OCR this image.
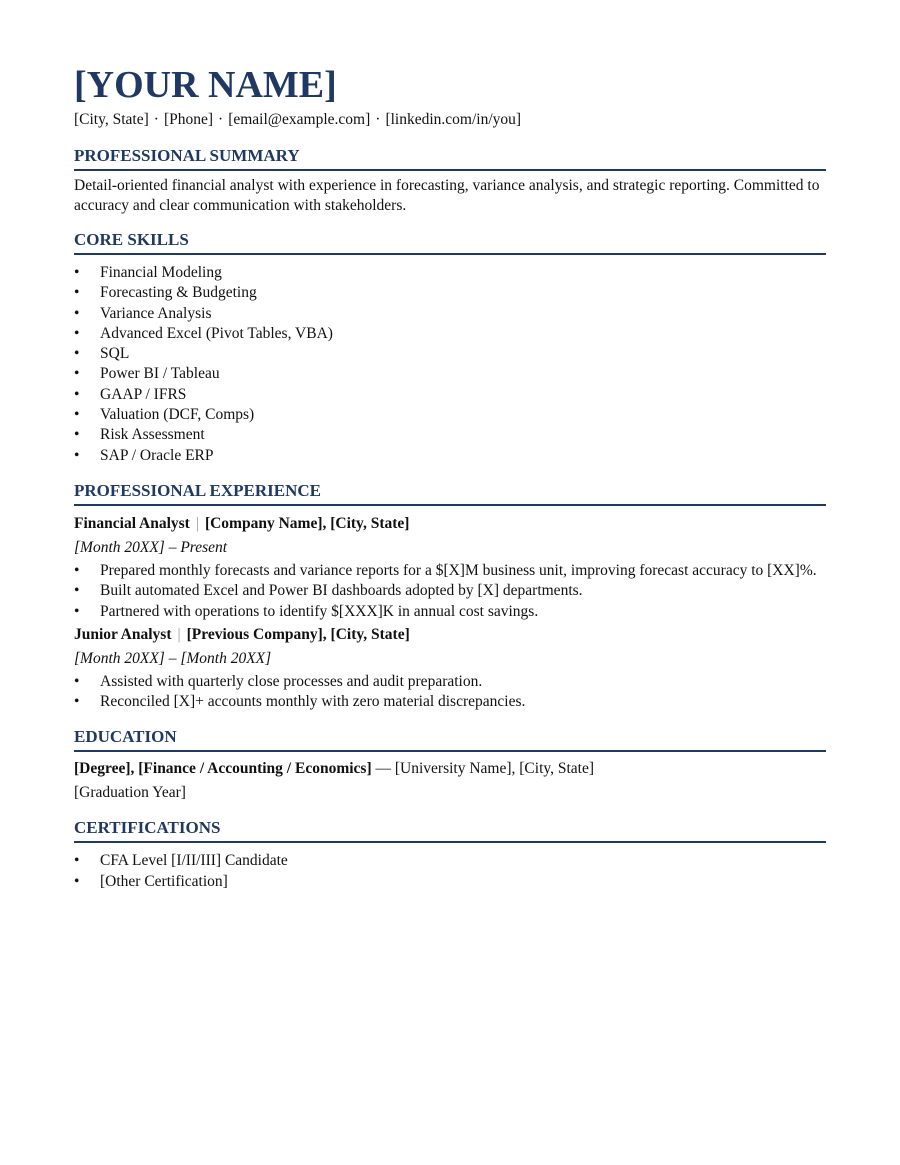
[YOUR NAME]
[City, State] · [Phone] · [email@example.com] · [linkedin.com/in/you]
PROFESSIONAL SUMMARY
Detail-oriented financial analyst with experience in forecasting, variance analysis, and strategic reporting. Committed to accuracy and clear communication with stakeholders.
CORE SKILLS
• Financial Modeling
• Forecasting & Budgeting
• Variance Analysis
• Advanced Excel (Pivot Tables, VBA)
• SQL
• Power BI / Tableau
• GAAP / IFRS
• Valuation (DCF, Comps)
• Risk Assessment
• SAP / Oracle ERP
PROFESSIONAL EXPERIENCE
Financial Analyst | [Company Name], [City, State]
[Month 20XX] – Present
• Prepared monthly forecasts and variance reports for a $[X]M business unit, improving forecast accuracy to [XX]%.
• Built automated Excel and Power BI dashboards adopted by [X] departments.
• Partnered with operations to identify $[XXX]K in annual cost savings.
Junior Analyst | [Previous Company], [City, State]
[Month 20XX] – [Month 20XX]
• Assisted with quarterly close processes and audit preparation.
• Reconciled [X]+ accounts monthly with zero material discrepancies.
EDUCATION
[Degree], [Finance / Accounting / Economics] — [University Name], [City, State]
[Graduation Year]
CERTIFICATIONS
• CFA Level [I/II/III] Candidate
• [Other Certification]
